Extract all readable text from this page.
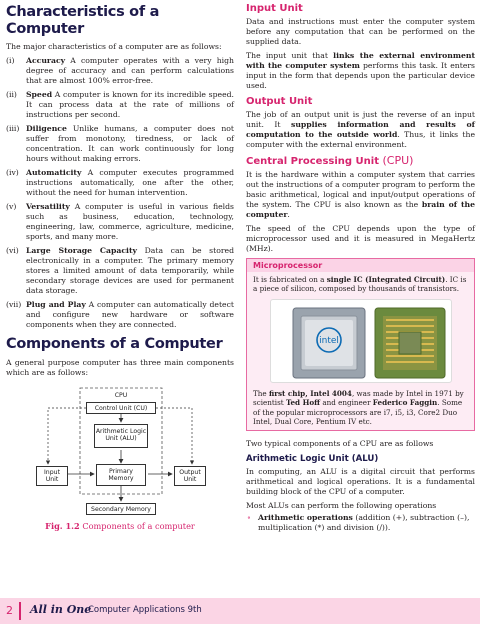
Characteristics of a Computer

The major characteristics of a computer are as follows:

(i) Accuracy A computer operates with a very high degree of accuracy and can perform calculations that are almost 100% error-free.
(ii) Speed A computer is known for its incredible speed. It can process data at the rate of millions of instructions per second.
(iii) Diligence Unlike humans, a computer does not suffer from monotony, tiredness, or lack of concentration. It can work continuously for long hours without making errors.
(iv) Automaticity A computer executes programmed instructions automatically, one after the other, without the need for human intervention.
(v) Versatility A computer is useful in various fields such as business, education, technology, engineering, law, commerce, agriculture, medicine, sports, and many more.
(vi) Large Storage Capacity Data can be stored electronically in a computer. The primary memory stores a limited amount of data temporarily, while secondary storage devices are used for permanent data storage.
(vii) Plug and Play A computer can automatically detect and configure new hardware or software components when they are connected.
Components of a Computer

A general purpose computer has three main components which are as follows:

CPU
Control Unit (CU)
Arithmetic Logic Unit (ALU)
Primary Memory
Input Unit
Output Unit
Secondary Memory
Fig. 1.2 Components of a computer
Input Unit

Data and instructions must enter the computer system before any computation that can be performed on the supplied data.

The input unit that links the external environment with the computer system performs this task. It enters input in the form that depends upon the particular device used.

Output Unit

The job of an output unit is just the reverse of an input unit. It supplies information and results of computation to the outside world. Thus, it links the computer with the external environment.

Central Processing Unit (CPU)

It is the hardware within a computer system that carries out the instructions of a computer program to perform the basic arithmetical, logical and input/output operations of the system. The CPU is also known as the brain of the computer.

The speed of the CPU depends upon the type of microprocessor used and it is measured in MegaHertz (MHz).

Microprocessor

It is fabricated on a single IC (Integrated Circuit). IC is a piece of silicon, composed by thousands of transistors.

intel

The first chip, Intel 4004, was made by Intel in 1971 by scientist Ted Hoff and engineer Federico Faggin. Some of the popular microprocessors are i7, i5, i3, Core2 Duo Intel, Dual Core, Pentium IV etc.

Two typical components of a CPU are as follows

Arithmetic Logic Unit (ALU)

In computing, an ALU is a digital circuit that performs arithmetical and logical operations. It is a fundamental building block of the CPU of a computer.

Most ALUs can perform the following operations

∘ Arithmetic operations (addition (+), subtraction (–), multiplication (*) and division (/)).
2 All in One
Computer Applications 9th
